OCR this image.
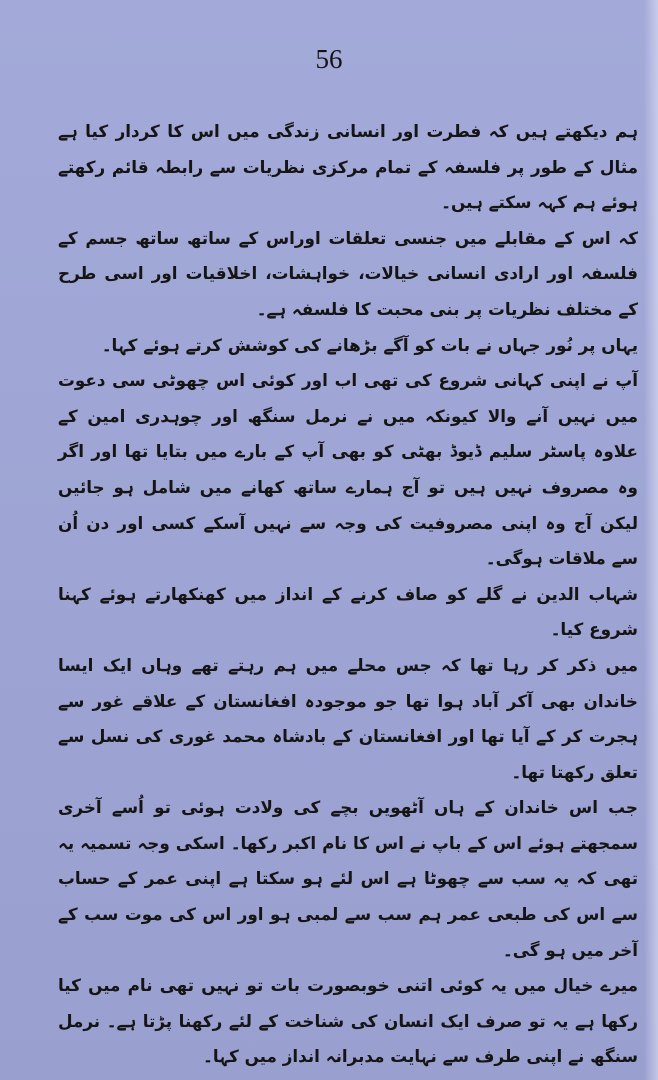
56

ہم دیکھتے ہیں کہ فطرت اور انسانی زندگی میں اس کا کردار کیا ہے مثال کے طور پر فلسفہ کے تمام مرکزی نظریات سے رابطہ قائم رکھتے ہوئے ہم کہہ سکتے ہیں۔

کہ اس کے مقابلے میں جنسی تعلقات اوراس کے ساتھ ساتھ جسم کے فلسفہ اور ارادی انسانی خیالات، خواہشات، اخلاقیات اور اسی طرح کے مختلف نظریات پر بنی محبت کا فلسفہ ہے۔

یہاں پر نُور جہاں نے بات کو آگے بڑھانے کی کوشش کرتے ہوئے کہا۔

آپ نے اپنی کہانی شروع کی تھی اب اور کوئی اس چھوٹی سی دعوت میں نہیں آنے والا کیونکہ میں نے نرمل سنگھ اور چوہدری امین کے علاوہ پاسٹر سلیم ڈیوڈ بھٹی کو بھی آپ کے بارے میں بتایا تھا اور اگر وہ مصروف نہیں ہیں تو آج ہمارے ساتھ کھانے میں شامل ہو جائیں لیکن آج وہ اپنی مصروفیت کی وجہ سے نہیں آسکے کسی اور دن اُن سے ملاقات ہوگی۔

شہاب الدین نے گلے کو صاف کرنے کے انداز میں کھنکھارتے ہوئے کہنا شروع کیا۔

میں ذکر کر رہا تھا کہ جس محلے میں ہم رہتے تھے وہاں ایک ایسا خاندان بھی آکر آباد ہوا تھا جو موجودہ افغانستان کے علاقے غور سے ہجرت کر کے آیا تھا اور افغانستان کے بادشاہ محمد غوری کی نسل سے تعلق رکھتا تھا۔

جب اس خاندان کے ہاں آٹھویں بچے کی ولادت ہوئی تو اُسے آخری سمجھتے ہوئے اس کے باپ نے اس کا نام اکبر رکھا۔ اسکی وجہ تسمیہ یہ تھی کہ یہ سب سے چھوٹا ہے اس لئے ہو سکتا ہے اپنی عمر کے حساب سے اس کی طبعی عمر ہم سب سے لمبی ہو اور اس کی موت سب کے آخر میں ہو گی۔

میرے خیال میں یہ کوئی اتنی خوبصورت بات تو نہیں تھی نام میں کیا رکھا ہے یہ تو صرف ایک انسان کی شناخت کے لئے رکھنا پڑتا ہے۔ نرمل سنگھ نے اپنی طرف سے نہایت مدبرانہ انداز میں کہا۔
